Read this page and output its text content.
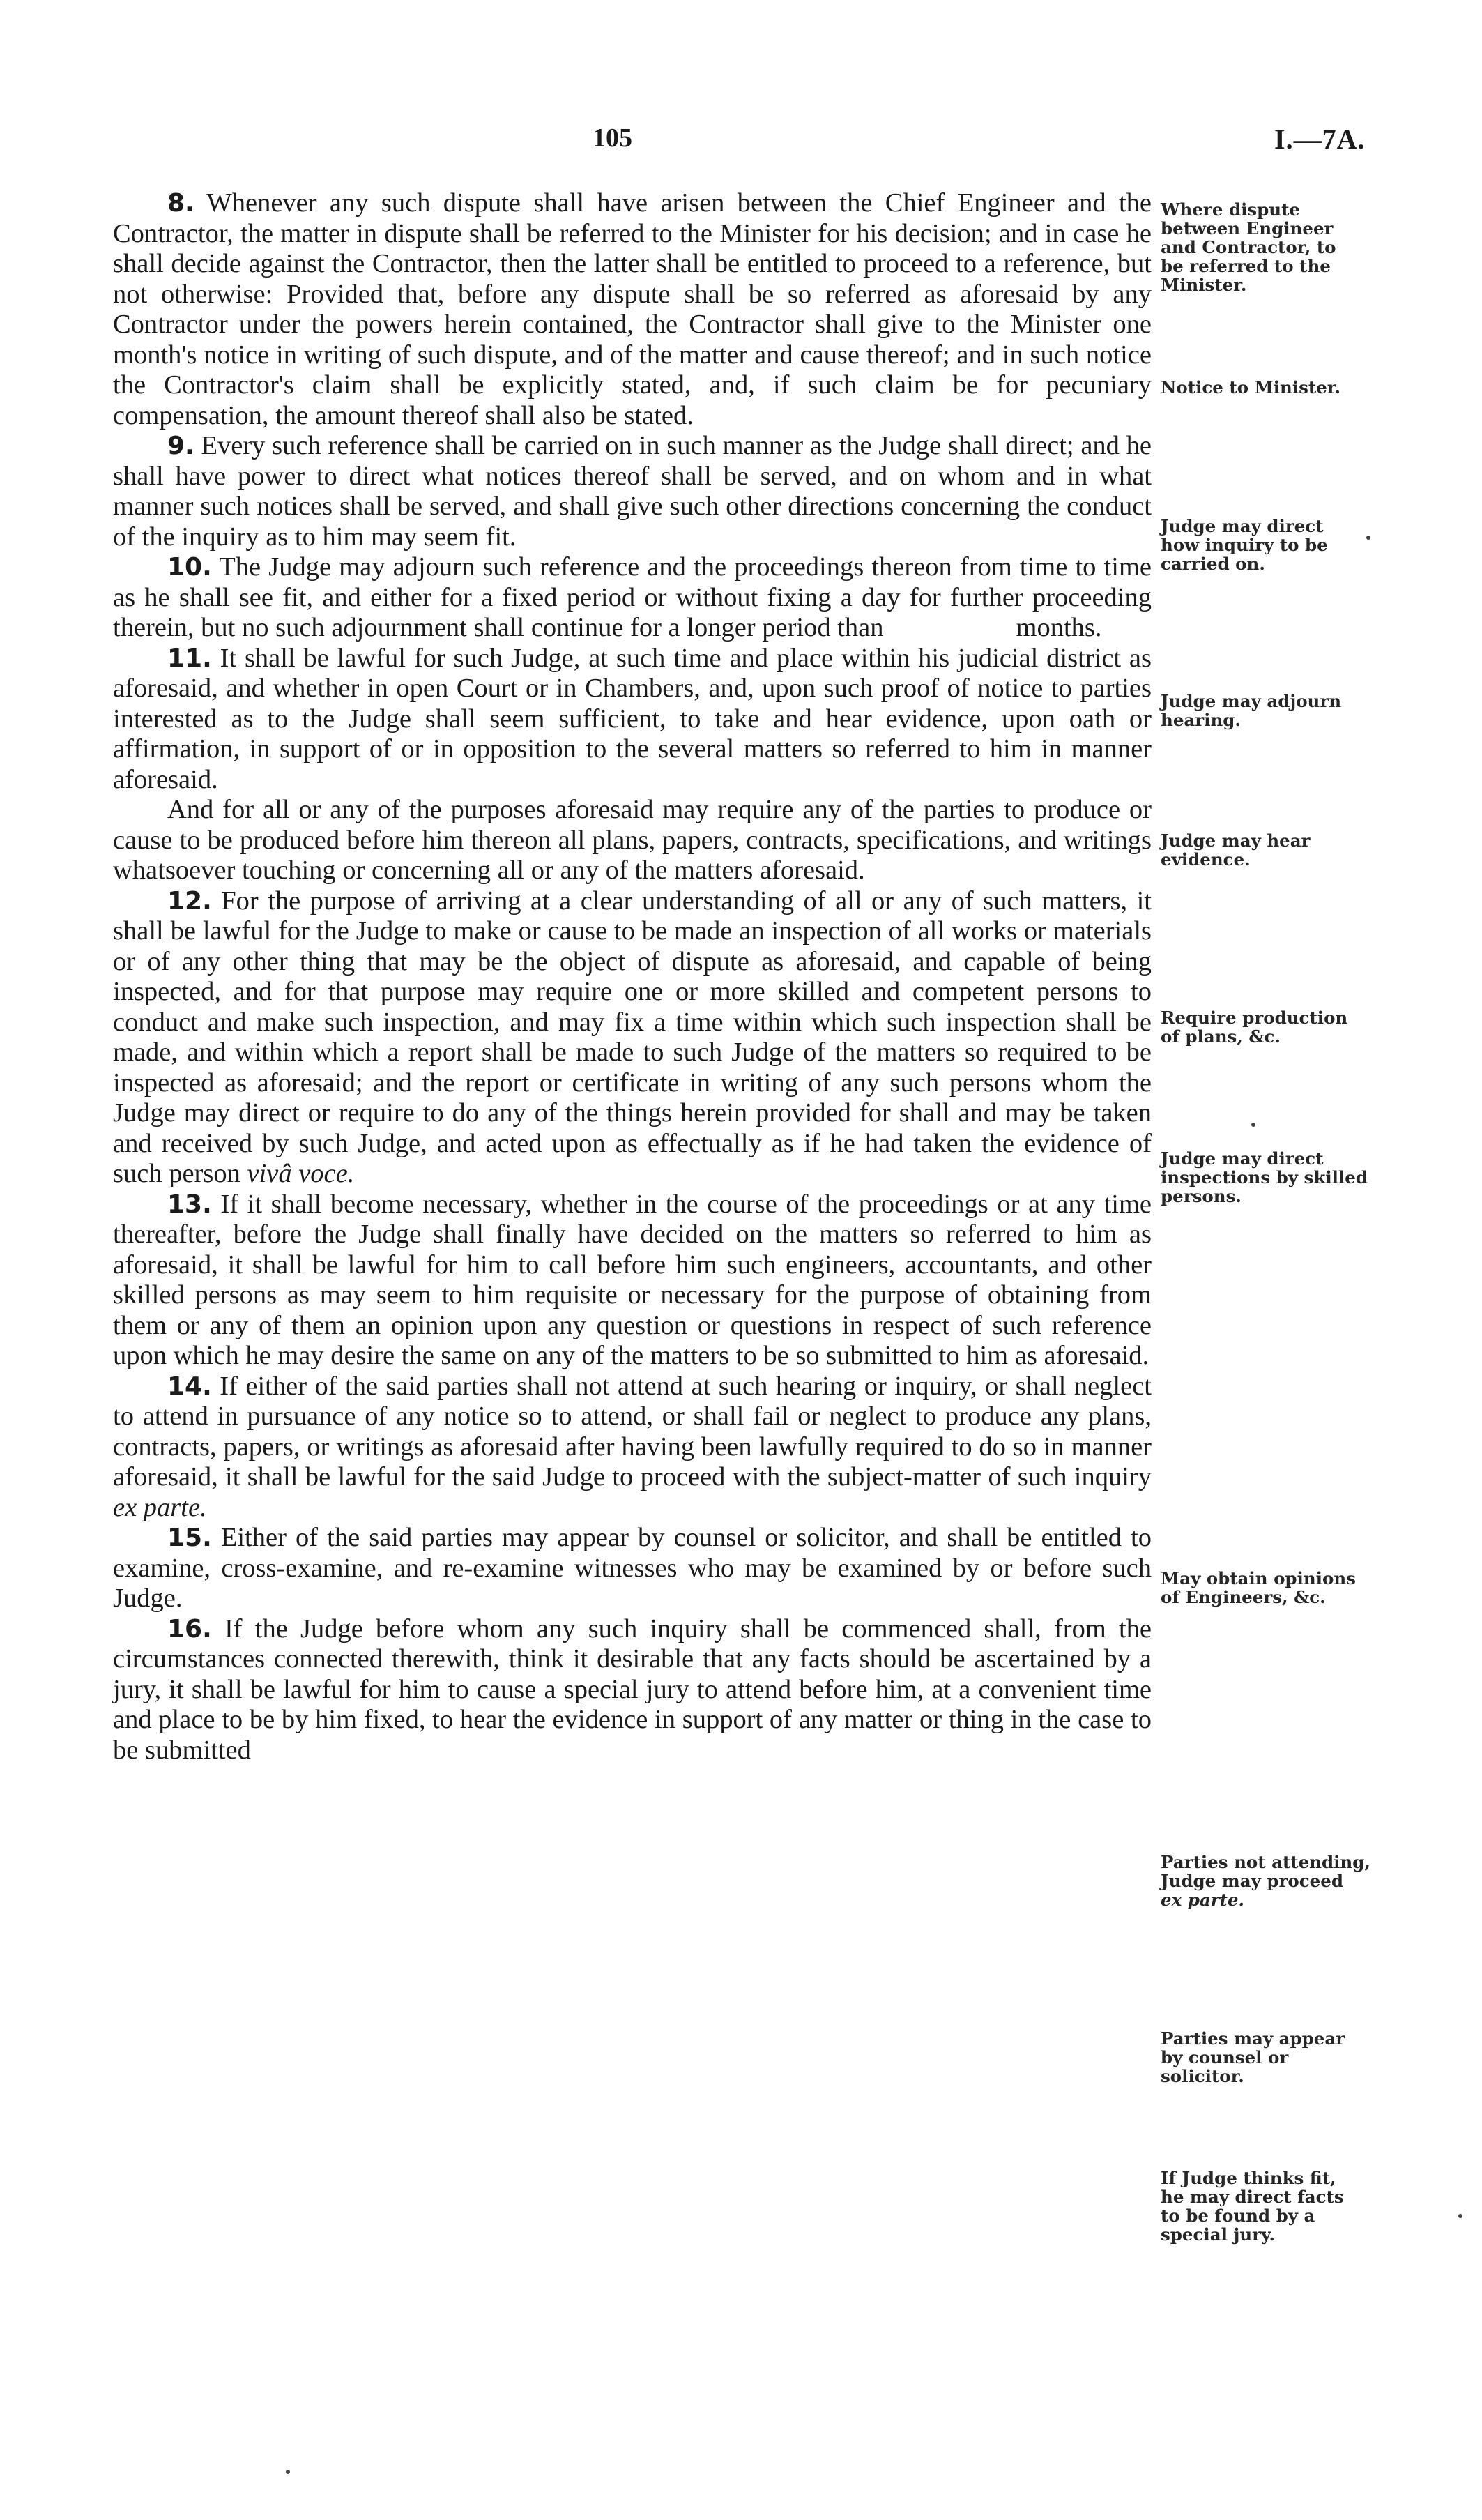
105	I.—7A.

8. Whenever any such dispute shall have arisen between the Chief Engineer and the Contractor, the matter in dispute shall be referred to the Minister for his decision; and in case he shall decide against the Contractor, then the latter shall be entitled to proceed to a reference, but not otherwise: Provided that, before any dispute shall be so referred as aforesaid by any Contractor under the powers herein contained, the Contractor shall give to the Minister one month's notice in writing of such dispute, and of the matter and cause thereof; and in such notice the Contractor's claim shall be explicitly stated, and, if such claim be for pecuniary compensation, the amount thereof shall also be stated.

9. Every such reference shall be carried on in such manner as the Judge shall direct; and he shall have power to direct what notices thereof shall be served, and on whom and in what manner such notices shall be served, and shall give such other directions concerning the conduct of the inquiry as to him may seem fit.

10. The Judge may adjourn such reference and the proceedings thereon from time to time as he shall see fit, and either for a fixed period or without fixing a day for further proceeding therein, but no such adjournment shall continue for a longer period than	months.

11. It shall be lawful for such Judge, at such time and place within his judicial district as aforesaid, and whether in open Court or in Chambers, and, upon such proof of notice to parties interested as to the Judge shall seem sufficient, to take and hear evidence, upon oath or affirmation, in support of or in opposition to the several matters so referred to him in manner aforesaid.

And for all or any of the purposes aforesaid may require any of the parties to produce or cause to be produced before him thereon all plans, papers, contracts, specifications, and writings whatsoever touching or concerning all or any of the matters aforesaid.

12. For the purpose of arriving at a clear understanding of all or any of such matters, it shall be lawful for the Judge to make or cause to be made an inspection of all works or materials or of any other thing that may be the object of dispute as aforesaid, and capable of being inspected, and for that purpose may require one or more skilled and competent persons to conduct and make such inspection, and may fix a time within which such inspection shall be made, and within which a report shall be made to such Judge of the matters so required to be inspected as aforesaid; and the report or certificate in writing of any such persons whom the Judge may direct or require to do any of the things herein provided for shall and may be taken and received by such Judge, and acted upon as effectually as if he had taken the evidence of such person vivâ voce.

13. If it shall become necessary, whether in the course of the proceedings or at any time thereafter, before the Judge shall finally have decided on the matters so referred to him as aforesaid, it shall be lawful for him to call before him such engineers, accountants, and other skilled persons as may seem to him requisite or necessary for the purpose of obtaining from them or any of them an opinion upon any question or questions in respect of such reference upon which he may desire the same on any of the matters to be so submitted to him as aforesaid.

14. If either of the said parties shall not attend at such hearing or inquiry, or shall neglect to attend in pursuance of any notice so to attend, or shall fail or neglect to produce any plans, contracts, papers, or writings as aforesaid after having been lawfully required to do so in manner aforesaid, it shall be lawful for the said Judge to proceed with the subject-matter of such inquiry ex parte.

15. Either of the said parties may appear by counsel or solicitor, and shall be entitled to examine, cross-examine, and re-examine witnesses who may be examined by or before such Judge.

16. If the Judge before whom any such inquiry shall be commenced shall, from the circumstances connected therewith, think it desirable that any facts should be ascertained by a jury, it shall be lawful for him to cause a special jury to attend before him, at a convenient time and place to be by him fixed, to hear the evidence in support of any matter or thing in the case to be submitted

Where dispute
between Engineer
and Contractor, to
be referred to the
Minister.
Notice to Minister.
Judge may direct
how inquiry to be
carried on.
Judge may adjourn
hearing.
Judge may hear
evidence.
Require production
of plans, &c.
Judge may direct
inspections by skilled
persons.
May obtain opinions
of Engineers, &c.
Parties not attending,
Judge may proceed
ex parte.
Parties may appear
by counsel or
solicitor.
If Judge thinks fit,
he may direct facts
to be found by a
special jury.
